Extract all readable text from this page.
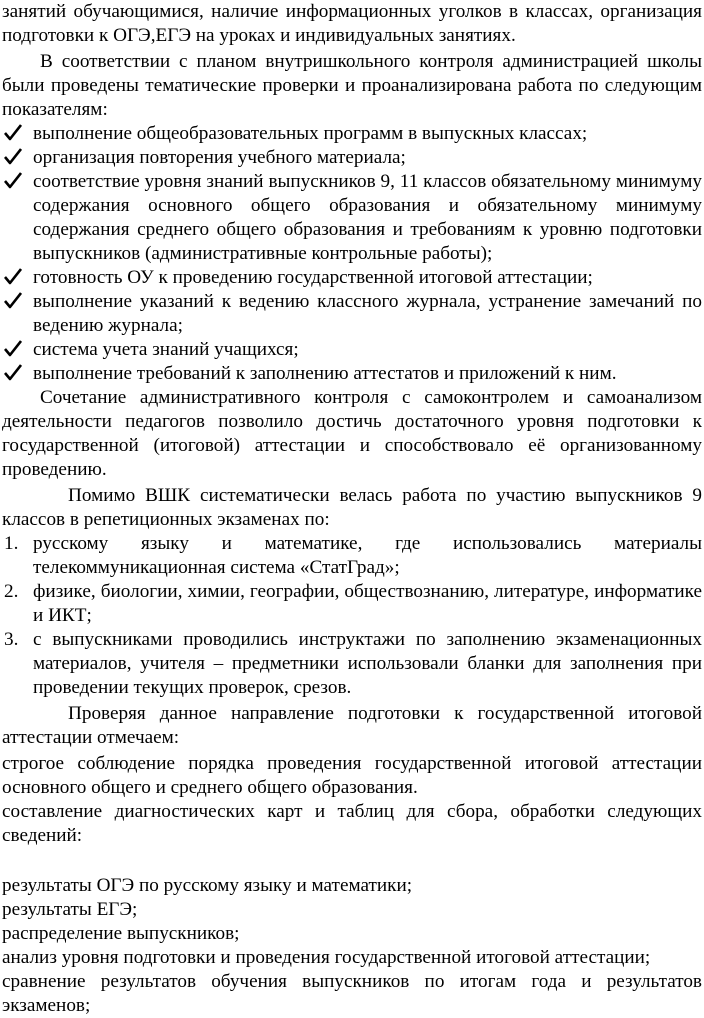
занятий обучающимися, наличие информационных уголков в классах, организация подготовки к ОГЭ,ЕГЭ на уроках и индивидуальных занятиях.

В соответствии с планом внутришкольного контроля администрацией школы были проведены тематические проверки и проанализирована работа по следующим показателям:

выполнение общеобразовательных программ в выпускных классах;
организация повторения учебного материала;
соответствие уровня знаний выпускников 9, 11 классов обязательному минимуму содержания основного общего образования и обязательному минимуму содержания среднего общего образования и требованиям к уровню подготовки выпускников (административные контрольные работы);
готовность ОУ к проведению государственной итоговой аттестации;
выполнение указаний к ведению классного журнала, устранение замечаний по ведению журнала;
система учета знаний учащихся;
выполнение требований к заполнению аттестатов и приложений к ним.

Сочетание административного контроля с самоконтролем и самоанализом деятельности педагогов позволило достичь достаточного уровня подготовки к государственной (итоговой) аттестации и способствовало её организованному проведению.

Помимо ВШК систематически велась работа по участию выпускников 9 классов в репетиционных экзаменах по:

1. русскому языку и математике, где использовались материалы телекоммуникационная система «СтатГрад»;
2. физике, биологии, химии, географии, обществознанию, литературе, информатике и ИКТ;
3. с выпускниками проводились инструктажи по заполнению экзаменационных материалов, учителя – предметники использовали бланки для заполнения при проведении текущих проверок, срезов.

Проверяя данное направление подготовки к государственной итоговой аттестации отмечаем:

строгое соблюдение порядка проведения государственной итоговой аттестации основного общего и среднего общего образования.

составление диагностических карт и таблиц для сбора, обработки следующих сведений:

результаты ОГЭ по русскому языку и математики;

результаты ЕГЭ;

распределение выпускников;

анализ уровня подготовки и проведения государственной итоговой аттестации;

сравнение результатов обучения выпускников по итогам года и результатов экзаменов;
